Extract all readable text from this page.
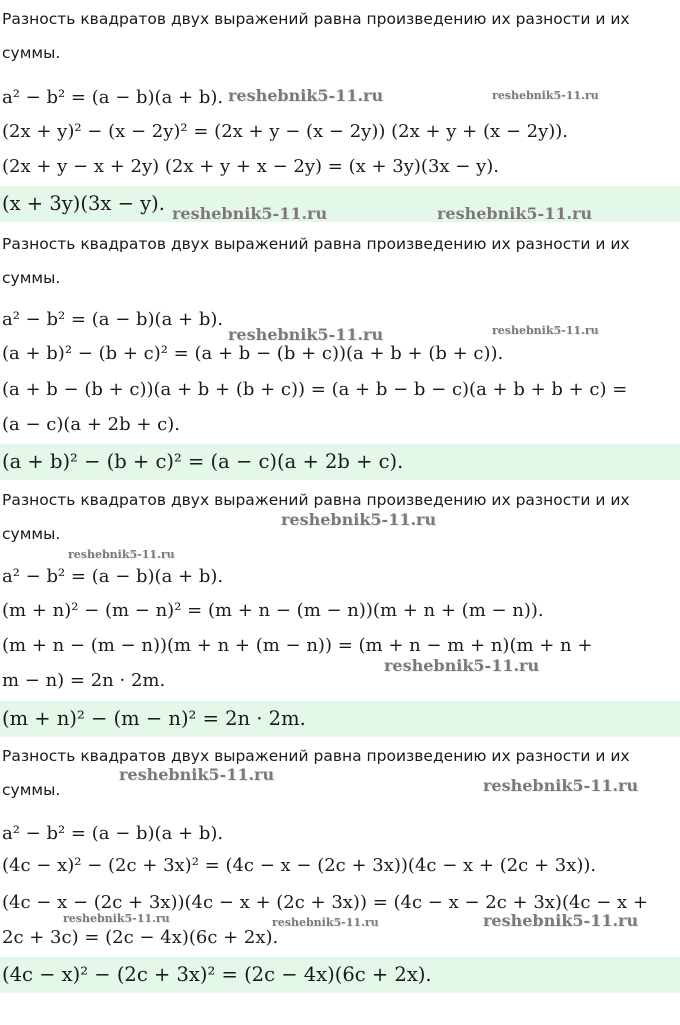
Разность квадратов двух выражений равна произведению их разности и их суммы.
a² − b² = (a − b)(a + b).
(2x + y)² − (x − 2y)² = (2x + y − (x − 2y)) (2x + y + (x − 2y)).
(2x + y − x + 2y) (2x + y + x − 2y) = (x + 3y)(3x − y).
(x + 3y)(3x − y).
reshebnik5-11.ru	reshebnik5-11.ru
reshebnik5-11.ru	reshebnik5-11.ru
Разность квадратов двух выражений равна произведению их разности и их суммы.
a² − b² = (a − b)(a + b).
(a + b)² − (b + c)² = (a + b − (b + c))(a + b + (b + c)).
(a + b − (b + c))(a + b + (b + c)) = (a + b − b − c)(a + b + b + c) =
(a − c)(a + 2b + c).
(a + b)² − (b + c)² = (a − c)(a + 2b + c).
reshebnik5-11.ru	reshebnik5-11.ru
Разность квадратов двух выражений равна произведению их разности и их суммы.
a² − b² = (a − b)(a + b).
(m + n)² − (m − n)² = (m + n − (m − n))(m + n + (m − n)).
(m + n − (m − n))(m + n + (m − n)) = (m + n − m + n)(m + n +
m − n) = 2n · 2m.
(m + n)² − (m − n)² = 2n · 2m.
reshebnik5-11.ru
reshebnik5-11.ru
reshebnik5-11.ru
Разность квадратов двух выражений равна произведению их разности и их суммы.
a² − b² = (a − b)(a + b).
(4c − x)² − (2c + 3x)² = (4c − x − (2c + 3x))(4c − x + (2c + 3x)).
(4c − x − (2c + 3x))(4c − x + (2c + 3x)) = (4c − x − 2c + 3x)(4c − x +
2c + 3c) = (2c − 4x)(6c + 2x).
(4c − x)² − (2c + 3x)² = (2c − 4x)(6c + 2x).
reshebnik5-11.ru
reshebnik5-11.ru
reshebnik5-11.ru	reshebnik5-11.ru	reshebnik5-11.ru
